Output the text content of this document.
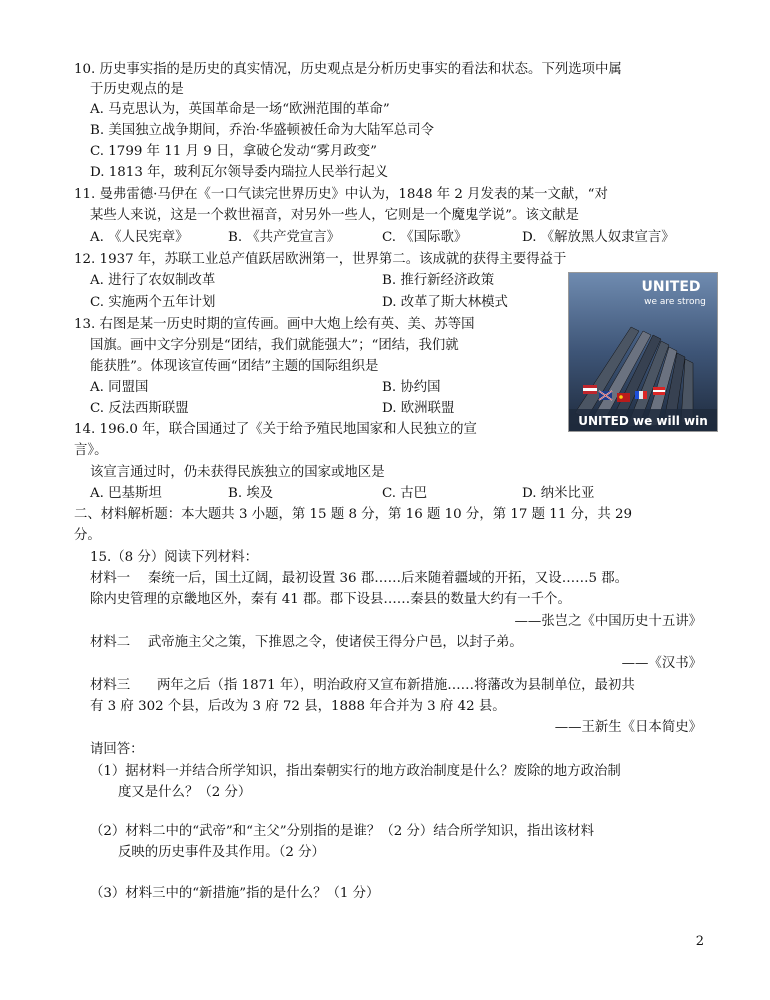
10. 历史事实指的是历史的真实情况，历史观点是分析历史事实的看法和状态。下列选项中属
于历史观点的是
A. 马克思认为，英国革命是一场“欧洲范围的革命”
B. 美国独立战争期间，乔治·华盛顿被任命为大陆军总司令
C. 1799 年 11 月 9 日，拿破仑发动“雾月政变”
D. 1813 年，玻利瓦尔领导委内瑞拉人民举行起义
11. 曼弗雷德·马伊在《一口气读完世界历史》中认为，1848 年 2 月发表的某一文献，“对
某些人来说，这是一个救世福音，对另外一些人，它则是一个魔鬼学说”。该文献是
A. 《人民宪章》	B. 《共产党宣言》	C. 《国际歌》	D. 《解放黑人奴隶宣言》
12. 1937 年，苏联工业总产值跃居欧洲第一，世界第二。该成就的获得主要得益于
A. 进行了农奴制改革	B. 推行新经济政策
C. 实施两个五年计划	D. 改革了斯大林模式
13. 右图是某一历史时期的宣传画。画中大炮上绘有英、美、苏等国
国旗。画中文字分别是“团结，我们就能强大”；“团结，我们就
能获胜”。体现该宣传画“团结”主题的国际组织是
A. 同盟国	B. 协约国
C. 反法西斯联盟	D. 欧洲联盟
UNITED
we are strong
UNITED we will win
14. 196.0 年，联合国通过了《关于给予殖民地国家和人民独立的宣
言》。
该宣言通过时，仍未获得民族独立的国家或地区是
A. 巴基斯坦	B. 埃及	C. 古巴	D. 纳米比亚
二、材料解析题：本大题共 3 小题，第 15 题 8 分，第 16 题 10 分，第 17 题 11 分，共 29
分。
15.（8 分）阅读下列材料：
材料一　 秦统一后，国土辽阔，最初设置 36 郡……后来随着疆域的开拓，又设……5 郡。
除内史管理的京畿地区外，秦有 41 郡。郡下设县……秦县的数量大约有一千个。
——张岂之《中国历史十五讲》
材料二　 武帝施主父之策，下推恩之令，使诸侯王得分户邑，以封子弟。
——《汉书》
材料三　　两年之后（指 1871 年），明治政府又宣布新措施……将藩改为县制单位，最初共
有 3 府 302 个县，后改为 3 府 72 县，1888 年合并为 3 府 42 县。
——王新生《日本简史》
请回答：
（1）据材料一并结合所学知识，指出秦朝实行的地方政治制度是什么？废除的地方政治制
度又是什么？（2 分）
（2）材料二中的“武帝”和“主父”分别指的是谁？（2 分）结合所学知识，指出该材料
反映的历史事件及其作用。（2 分）
（3）材料三中的“新措施”指的是什么？（1 分）
2
